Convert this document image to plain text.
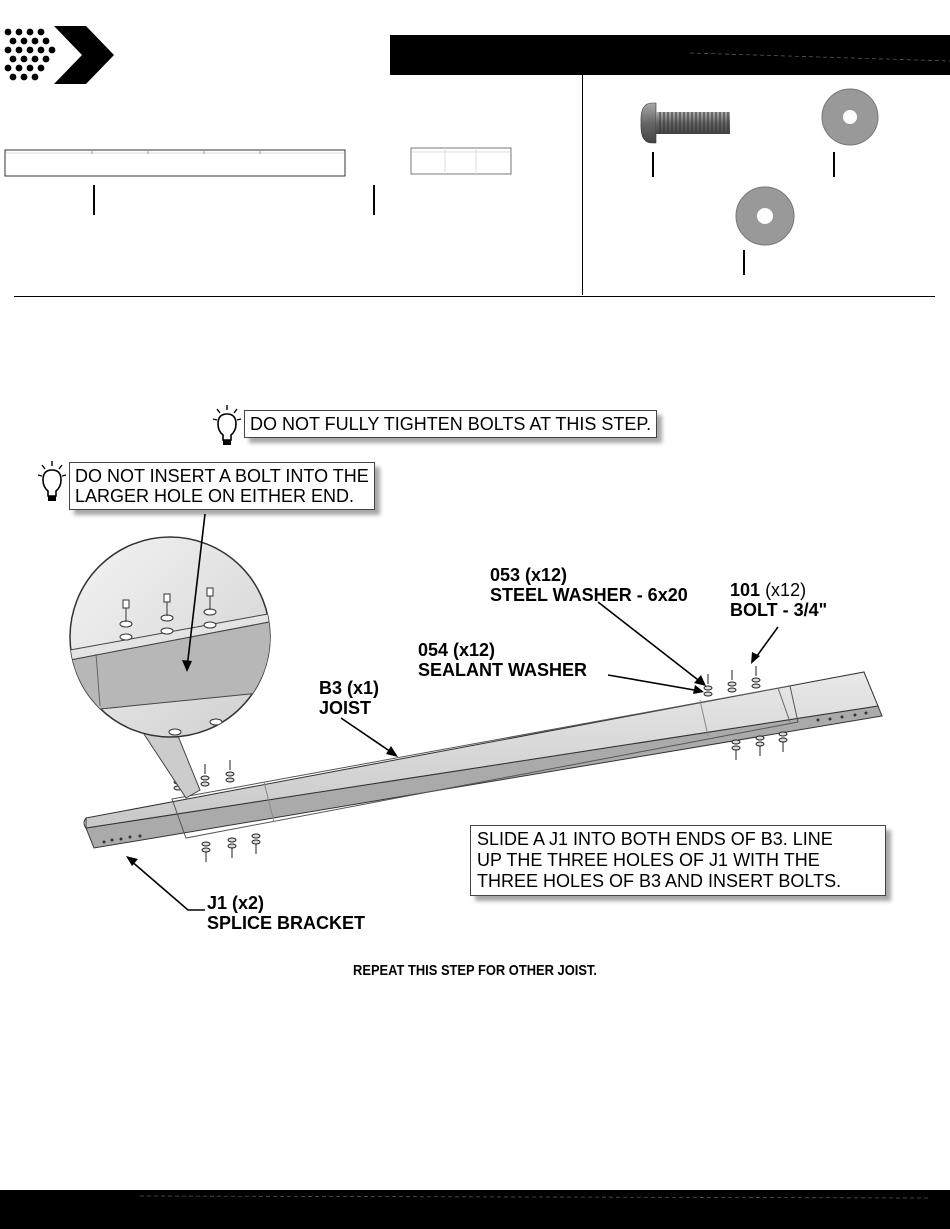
DO NOT FULLY TIGHTEN BOLTS AT THIS STEP.
DO NOT INSERT A BOLT INTO THE
LARGER HOLE ON EITHER END.
053 (x12)
STEEL WASHER - 6x20 101 (x12)
BOLT - 3/4"
054 (x12)
SEALANT WASHER
B3 (x1)
JOIST
J1 (x2)
SPLICE BRACKET
SLIDE A J1 INTO BOTH ENDS OF B3. LINE
UP THE THREE HOLES OF J1 WITH THE
THREE HOLES OF B3 AND INSERT BOLTS.
REPEAT THIS STEP FOR OTHER JOIST.
